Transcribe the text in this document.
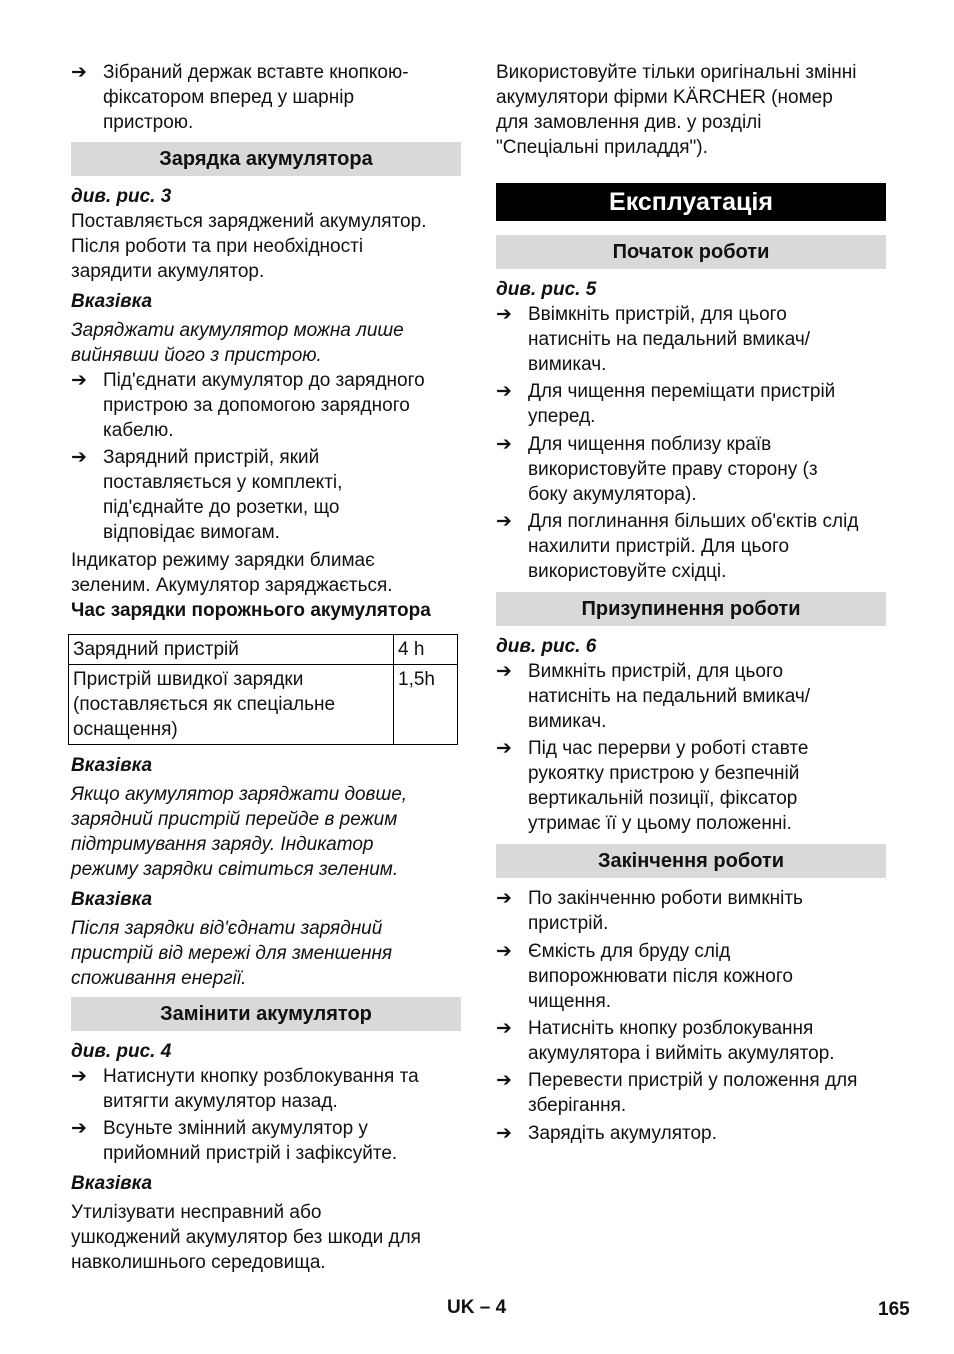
➔ Зібраний держак вставте кнопкою-
фіксатором вперед у шарнір
пристрою.
Зарядка акумулятора
див. рис. 3
Поставляється заряджений акумулятор.
Після роботи та при необхідності
зарядити акумулятор.
Вказівка
Заряджати акумулятор можна лише
вийнявши його з пристрою.
➔ Під'єднати акумулятор до зарядного
пристрою за допомогою зарядного
кабелю.
➔ Зарядний пристрій, який
поставляється у комплекті,
під'єднайте до розетки, що
відповідає вимогам.
Індикатор режиму зарядки блимає
зеленим. Акумулятор заряджається.
Час зарядки порожнього акумулятора
Зарядний пристрій	4 h

Пристрій швидкої зарядки
(поставляється як спеціальне
оснащення)	1,5h
Вказівка
Якщо акумулятор заряджати довше,
зарядний пристрій перейде в режим
підтримування заряду. Індикатор
режиму зарядки світиться зеленим.
Вказівка
Після зарядки від'єднати зарядний
пристрій від мережі для зменшення
споживання енергії.
Замінити акумулятор
див. рис. 4
➔ Натиснути кнопку розблокування та
витягти акумулятор назад.
➔ Всуньте змінний акумулятор у
прийомний пристрій і зафіксуйте.
Вказівка
Утилізувати несправний або
ушкоджений акумулятор без шкоди для
навколишнього середовища.
Використовуйте тільки оригінальні змінні
акумулятори фірми KÄRCHER (номер
для замовлення див. у розділі
"Спеціальні приладдя").
Експлуатація
Початок роботи
див. рис. 5
➔ Ввімкніть пристрій, для цього
натисніть на педальний вмикач/
вимикач.
➔ Для чищення переміщати пристрій
уперед.
➔ Для чищення поблизу країв
використовуйте праву сторону (з
боку акумулятора).
➔ Для поглинання більших об'єктів слід
нахилити пристрій. Для цього
використовуйте східці.
Призупинення роботи
див. рис. 6
➔ Вимкніть пристрій, для цього
натисніть на педальний вмикач/
вимикач.
➔ Під час перерви у роботі ставте
рукоятку пристрою у безпечній
вертикальній позиції, фіксатор
утримає її у цьому положенні.
Закінчення роботи
➔ По закінченню роботи вимкніть
пристрій.
➔ Ємкість для бруду слід
випорожнювати після кожного
чищення.
➔ Натисніть кнопку розблокування
акумулятора і вийміть акумулятор.
➔ Перевести пристрій у положення для
зберігання.
➔ Зарядіть акумулятор.
UK – 4	165
